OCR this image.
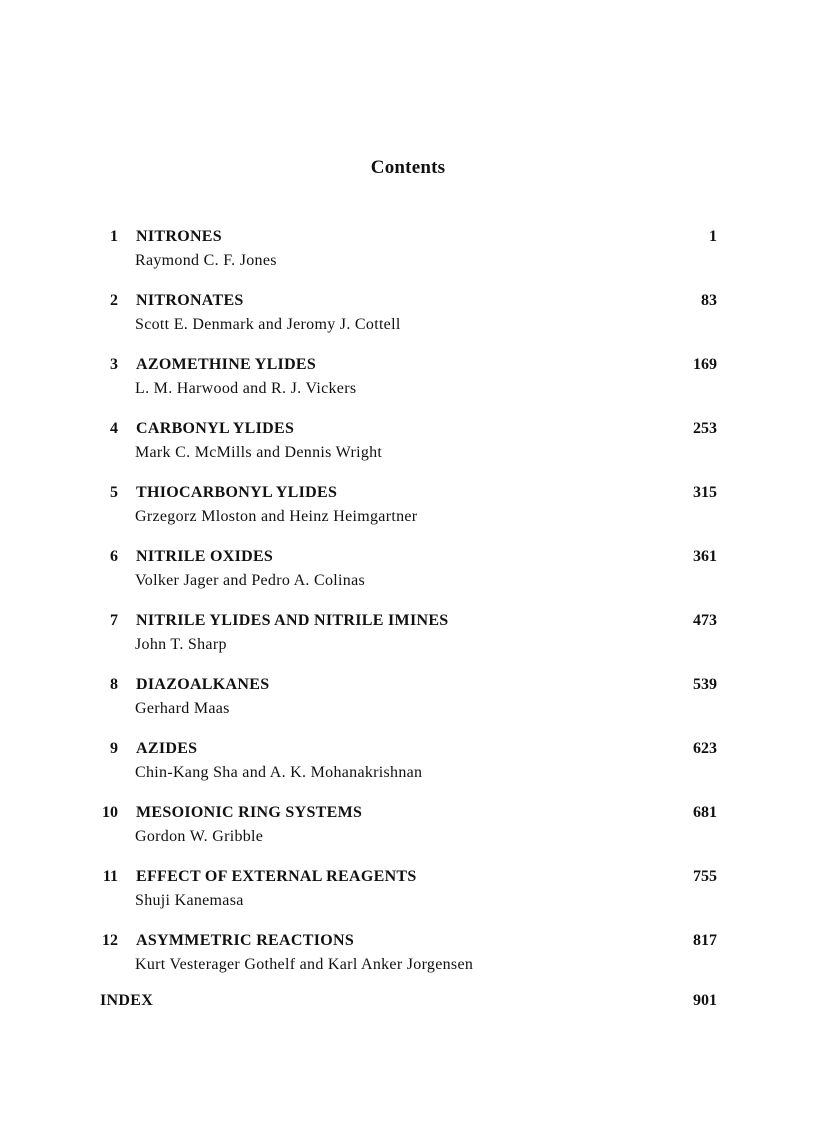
Contents
1 NITRONES
Raymond C. F. Jones
1
2 NITRONATES
Scott E. Denmark and Jeromy J. Cottell
83
3 AZOMETHINE YLIDES
L. M. Harwood and R. J. Vickers
169
4 CARBONYL YLIDES
Mark C. McMills and Dennis Wright
253
5 THIOCARBONYL YLIDES
Grzegorz Mloston and Heinz Heimgartner
315
6 NITRILE OXIDES
Volker Jager and Pedro A. Colinas
361
7 NITRILE YLIDES AND NITRILE IMINES
John T. Sharp
473
8 DIAZOALKANES
Gerhard Maas
539
9 AZIDES
Chin-Kang Sha and A. K. Mohanakrishnan
623
10 MESOIONIC RING SYSTEMS
Gordon W. Gribble
681
11 EFFECT OF EXTERNAL REAGENTS
Shuji Kanemasa
755
12 ASYMMETRIC REACTIONS
Kurt Vesterager Gothelf and Karl Anker Jorgensen
817
INDEX	901
